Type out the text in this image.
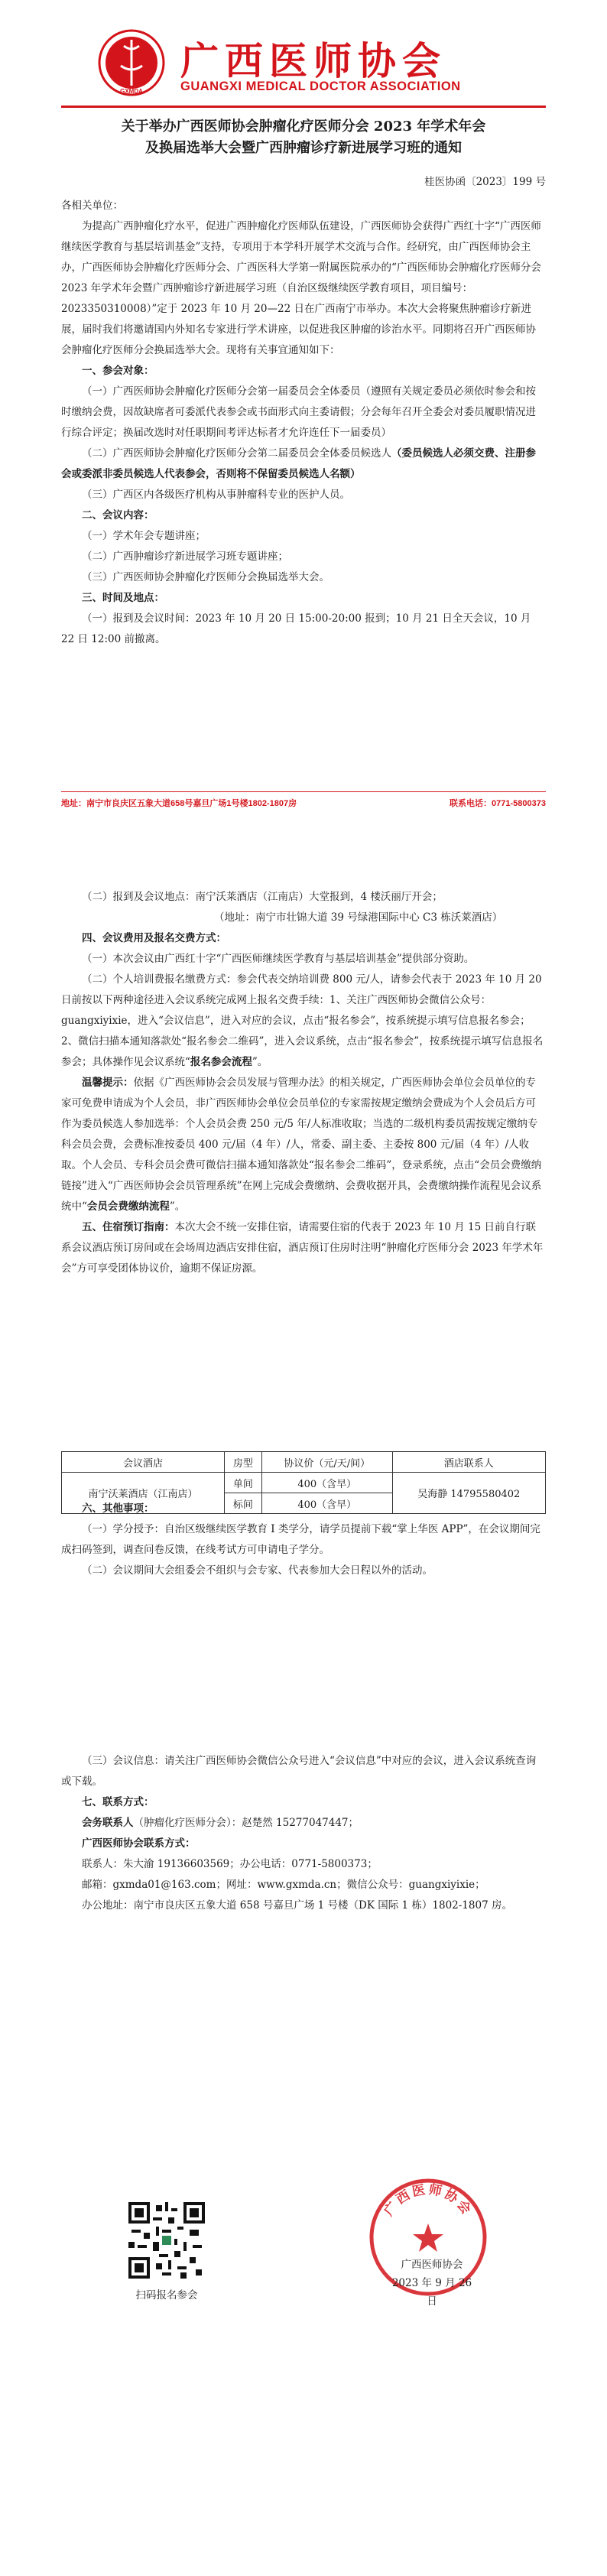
GXMDA
广西医师协会
GUANGXI MEDICAL DOCTOR ASSOCIATION
关于举办广西医师协会肿瘤化疗医师分会 2023 年学术年会
及换届选举大会暨广西肿瘤诊疗新进展学习班的通知
桂医协函〔2023〕199 号

各相关单位：

为提高广西肿瘤化疗水平，促进广西肿瘤化疗医师队伍建设，广西医师协会获得广西红十字“广西医师继续医学教育与基层培训基金”支持，专项用于本学科开展学术交流与合作。经研究，由广西医师协会主办，广西医师协会肿瘤化疗医师分会、广西医科大学第一附属医院承办的“广西医师协会肿瘤化疗医师分会 2023 年学术年会暨广西肿瘤诊疗新进展学习班（自治区级继续医学教育项目，项目编号：2023350310008）”定于 2023 年 10 月 20—22 日在广西南宁市举办。本次大会将聚焦肿瘤诊疗新进展，届时我们将邀请国内外知名专家进行学术讲座，以促进我区肿瘤的诊治水平。同期将召开广西医师协会肿瘤化疗医师分会换届选举大会。现将有关事宜通知如下：

一、参会对象：

（一）广西医师协会肿瘤化疗医师分会第一届委员会全体委员（遵照有关规定委员必须依时参会和按时缴纳会费，因故缺席者可委派代表参会或书面形式向主委请假；分会每年召开全委会对委员履职情况进行综合评定；换届改选时对任职期间考评达标者才允许连任下一届委员）

（二）广西医师协会肿瘤化疗医师分会第二届委员会全体委员候选人（委员候选人必须交费、注册参会或委派非委员候选人代表参会，否则将不保留委员候选人名额）

（三）广西区内各级医疗机构从事肿瘤科专业的医护人员。

二、会议内容：

（一）学术年会专题讲座；

（二）广西肿瘤诊疗新进展学习班专题讲座；

（三）广西医师协会肿瘤化疗医师分会换届选举大会。

三、时间及地点：

（一）报到及会议时间：2023 年 10 月 20 日 15:00-20:00 报到；10 月 21 日全天会议，10 月 22 日 12:00 前撤离。

地址：南宁市良庆区五象大道658号嘉旦广场1号楼1802-1807房	联系电话：0771-5800373

（二）报到及会议地点：南宁沃莱酒店（江南店）大堂报到，4 楼沃丽厅开会；

（地址：南宁市壮锦大道 39 号绿港国际中心 C3 栋沃莱酒店）

四、会议费用及报名交费方式：

（一）本次会议由广西红十字“广西医师继续医学教育与基层培训基金”提供部分资助。

（二）个人培训费报名缴费方式：参会代表交纳培训费 800 元/人，请参会代表于 2023 年 10 月 20 日前按以下两种途径进入会议系统完成网上报名交费手续：1、关注广西医师协会微信公众号：guangxiyixie，进入“会议信息”，进入对应的会议，点击“报名参会”，按系统提示填写信息报名参会；2、微信扫描本通知落款处“报名参会二维码”，进入会议系统，点击“报名参会”，按系统提示填写信息报名参会；具体操作见会议系统“报名参会流程”。

温馨提示：依据《广西医师协会会员发展与管理办法》的相关规定，广西医师协会单位会员单位的专家可免费申请成为个人会员，非广西医师协会单位会员单位的专家需按规定缴纳会费成为个人会员后方可作为委员候选人参加选举：个人会员会费 250 元/5 年/人标准收取；当选的二级机构委员需按规定缴纳专科会员会费，会费标准按委员 400 元/届（4 年）/人，常委、副主委、主委按 800 元/届（4 年）/人收取。个人会员、专科会员会费可微信扫描本通知落款处“报名参会二维码”，登录系统，点击“会员会费缴纳链接”进入“广西医师协会会员管理系统”在网上完成会费缴纳、会费收据开具，会费缴纳操作流程见会议系统中“会员会费缴纳流程”。

五、住宿预订指南：本次大会不统一安排住宿，请需要住宿的代表于 2023 年 10 月 15 日前自行联系会议酒店预订房间或在会场周边酒店安排住宿，酒店预订住房时注明“肿瘤化疗医师分会 2023 年学术年会”方可享受团体协议价，逾期不保证房源。

会议酒店	房型	协议价（元/天/间）	酒店联系人
南宁沃莱酒店（江南店）	单间	400（含早）	吴海静 14795580402
	标间	400（含早）	

六、其他事项：

（一）学分授予：自治区级继续医学教育 I 类学分，请学员提前下载“掌上华医 APP”，在会议期间完成扫码签到，调查问卷反馈，在线考试方可申请电子学分。

（二）会议期间大会组委会不组织与会专家、代表参加大会日程以外的活动。

（三）会议信息：请关注广西医师协会微信公众号进入“会议信息”中对应的会议，进入会议系统查询或下载。

七、联系方式：

会务联系人（肿瘤化疗医师分会）：赵楚然 15277047447；

广西医师协会联系方式：

联系人：朱大渝 19136603569；办公电话：0771-5800373；

邮箱：gxmda01@163.com；网址：www.gxmda.cn；微信公众号：guangxiyixie；

办公地址：南宁市良庆区五象大道 658 号嘉旦广场 1 号楼（DK 国际 1 栋）1802-1807 房。

扫码报名参会
广西医师协会
广西医师协会
2023 年 9 月 26 日
